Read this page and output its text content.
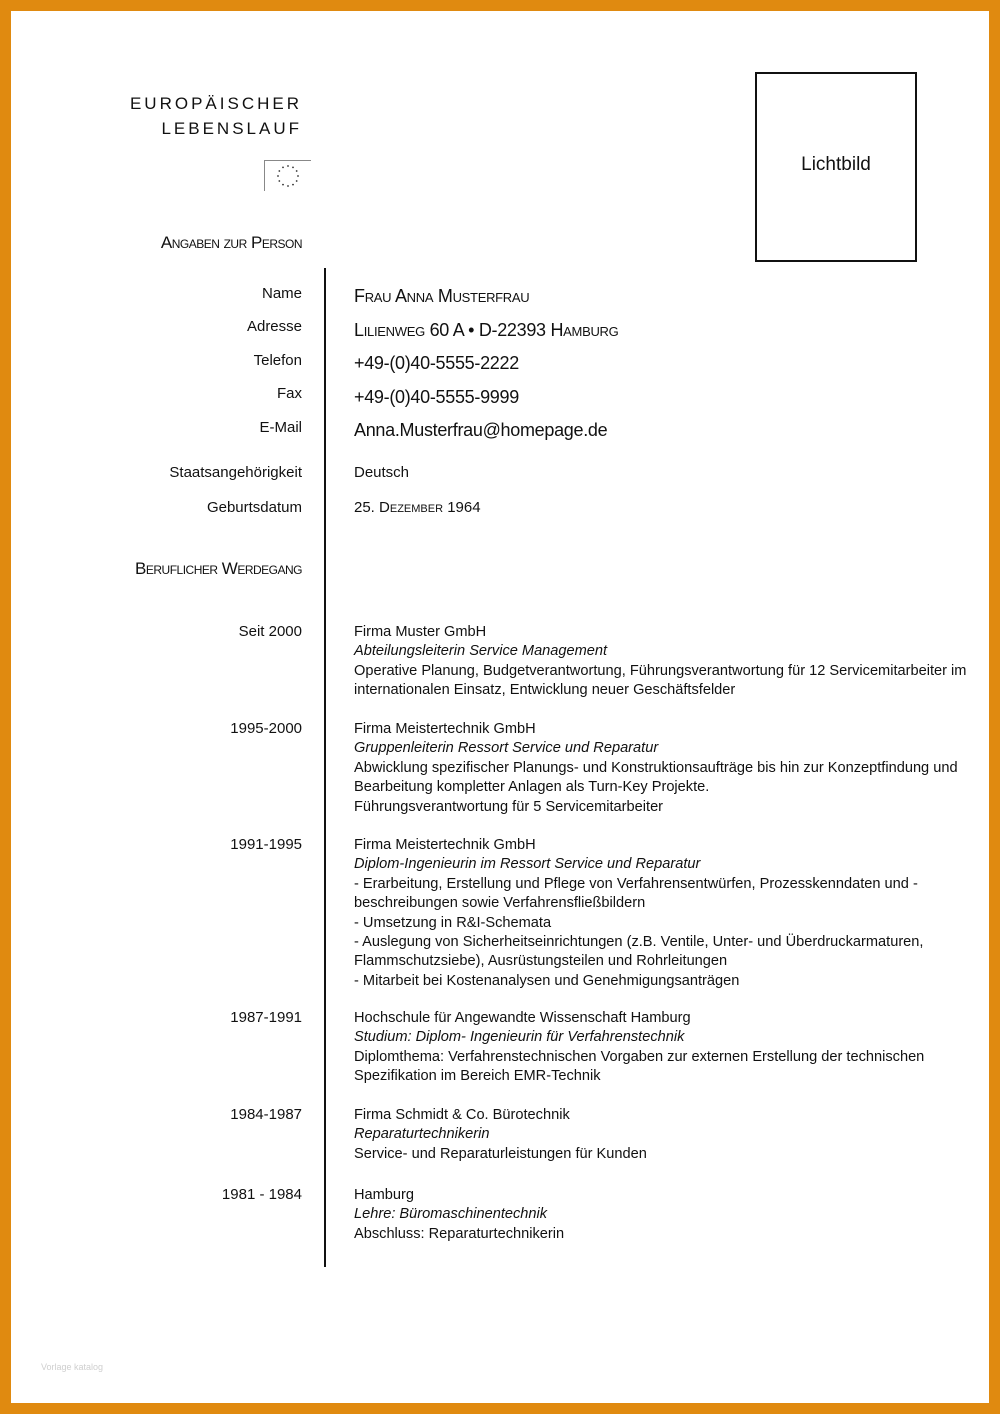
EUROPÄISCHER
LEBENSLAUF
Lichtbild
Angaben zur Person
Name	Frau Anna Musterfrau
Adresse	Lilienweg 60 A • D-22393 Hamburg
Telefon	+49-(0)40-5555-2222
Fax	+49-(0)40-5555-9999
E-Mail	Anna.Musterfrau@homepage.de
Staatsangehörigkeit	Deutsch
Geburtsdatum	25. Dezember 1964
Beruflicher Werdegang
Seit 2000	Firma Muster GmbH
Abteilungsleiterin Service Management
Operative Planung, Budgetverantwortung, Führungsverantwortung für 12 Servicemitarbeiter im
internationalen Einsatz, Entwicklung neuer Geschäftsfelder
1995-2000	Firma Meistertechnik GmbH
Gruppenleiterin Ressort Service und Reparatur
Abwicklung spezifischer Planungs- und Konstruktionsaufträge bis hin zur Konzeptfindung und
Bearbeitung kompletter Anlagen als Turn-Key Projekte.
Führungsverantwortung für 5 Servicemitarbeiter
1991-1995	Firma Meistertechnik GmbH
Diplom-Ingenieurin im Ressort Service und Reparatur
- Erarbeitung, Erstellung und Pflege von Verfahrensentwürfen, Prozesskenndaten und -
beschreibungen sowie Verfahrensfließbildern
- Umsetzung in R&I-Schemata
- Auslegung von Sicherheitseinrichtungen (z.B. Ventile, Unter- und Überdruckarmaturen,
Flammschutzsiebe), Ausrüstungsteilen und Rohrleitungen
- Mitarbeit bei Kostenanalysen und Genehmigungsanträgen
1987-1991	Hochschule für Angewandte Wissenschaft Hamburg
Studium: Diplom- Ingenieurin für Verfahrenstechnik
Diplomthema: Verfahrenstechnischen Vorgaben zur externen Erstellung der technischen
Spezifikation im Bereich EMR-Technik
1984-1987	Firma Schmidt & Co. Bürotechnik
Reparaturtechnikerin
Service- und Reparaturleistungen für Kunden
1981 - 1984	Hamburg
Lehre: Büromaschinentechnik
Abschluss: Reparaturtechnikerin
Vorlage katalog
